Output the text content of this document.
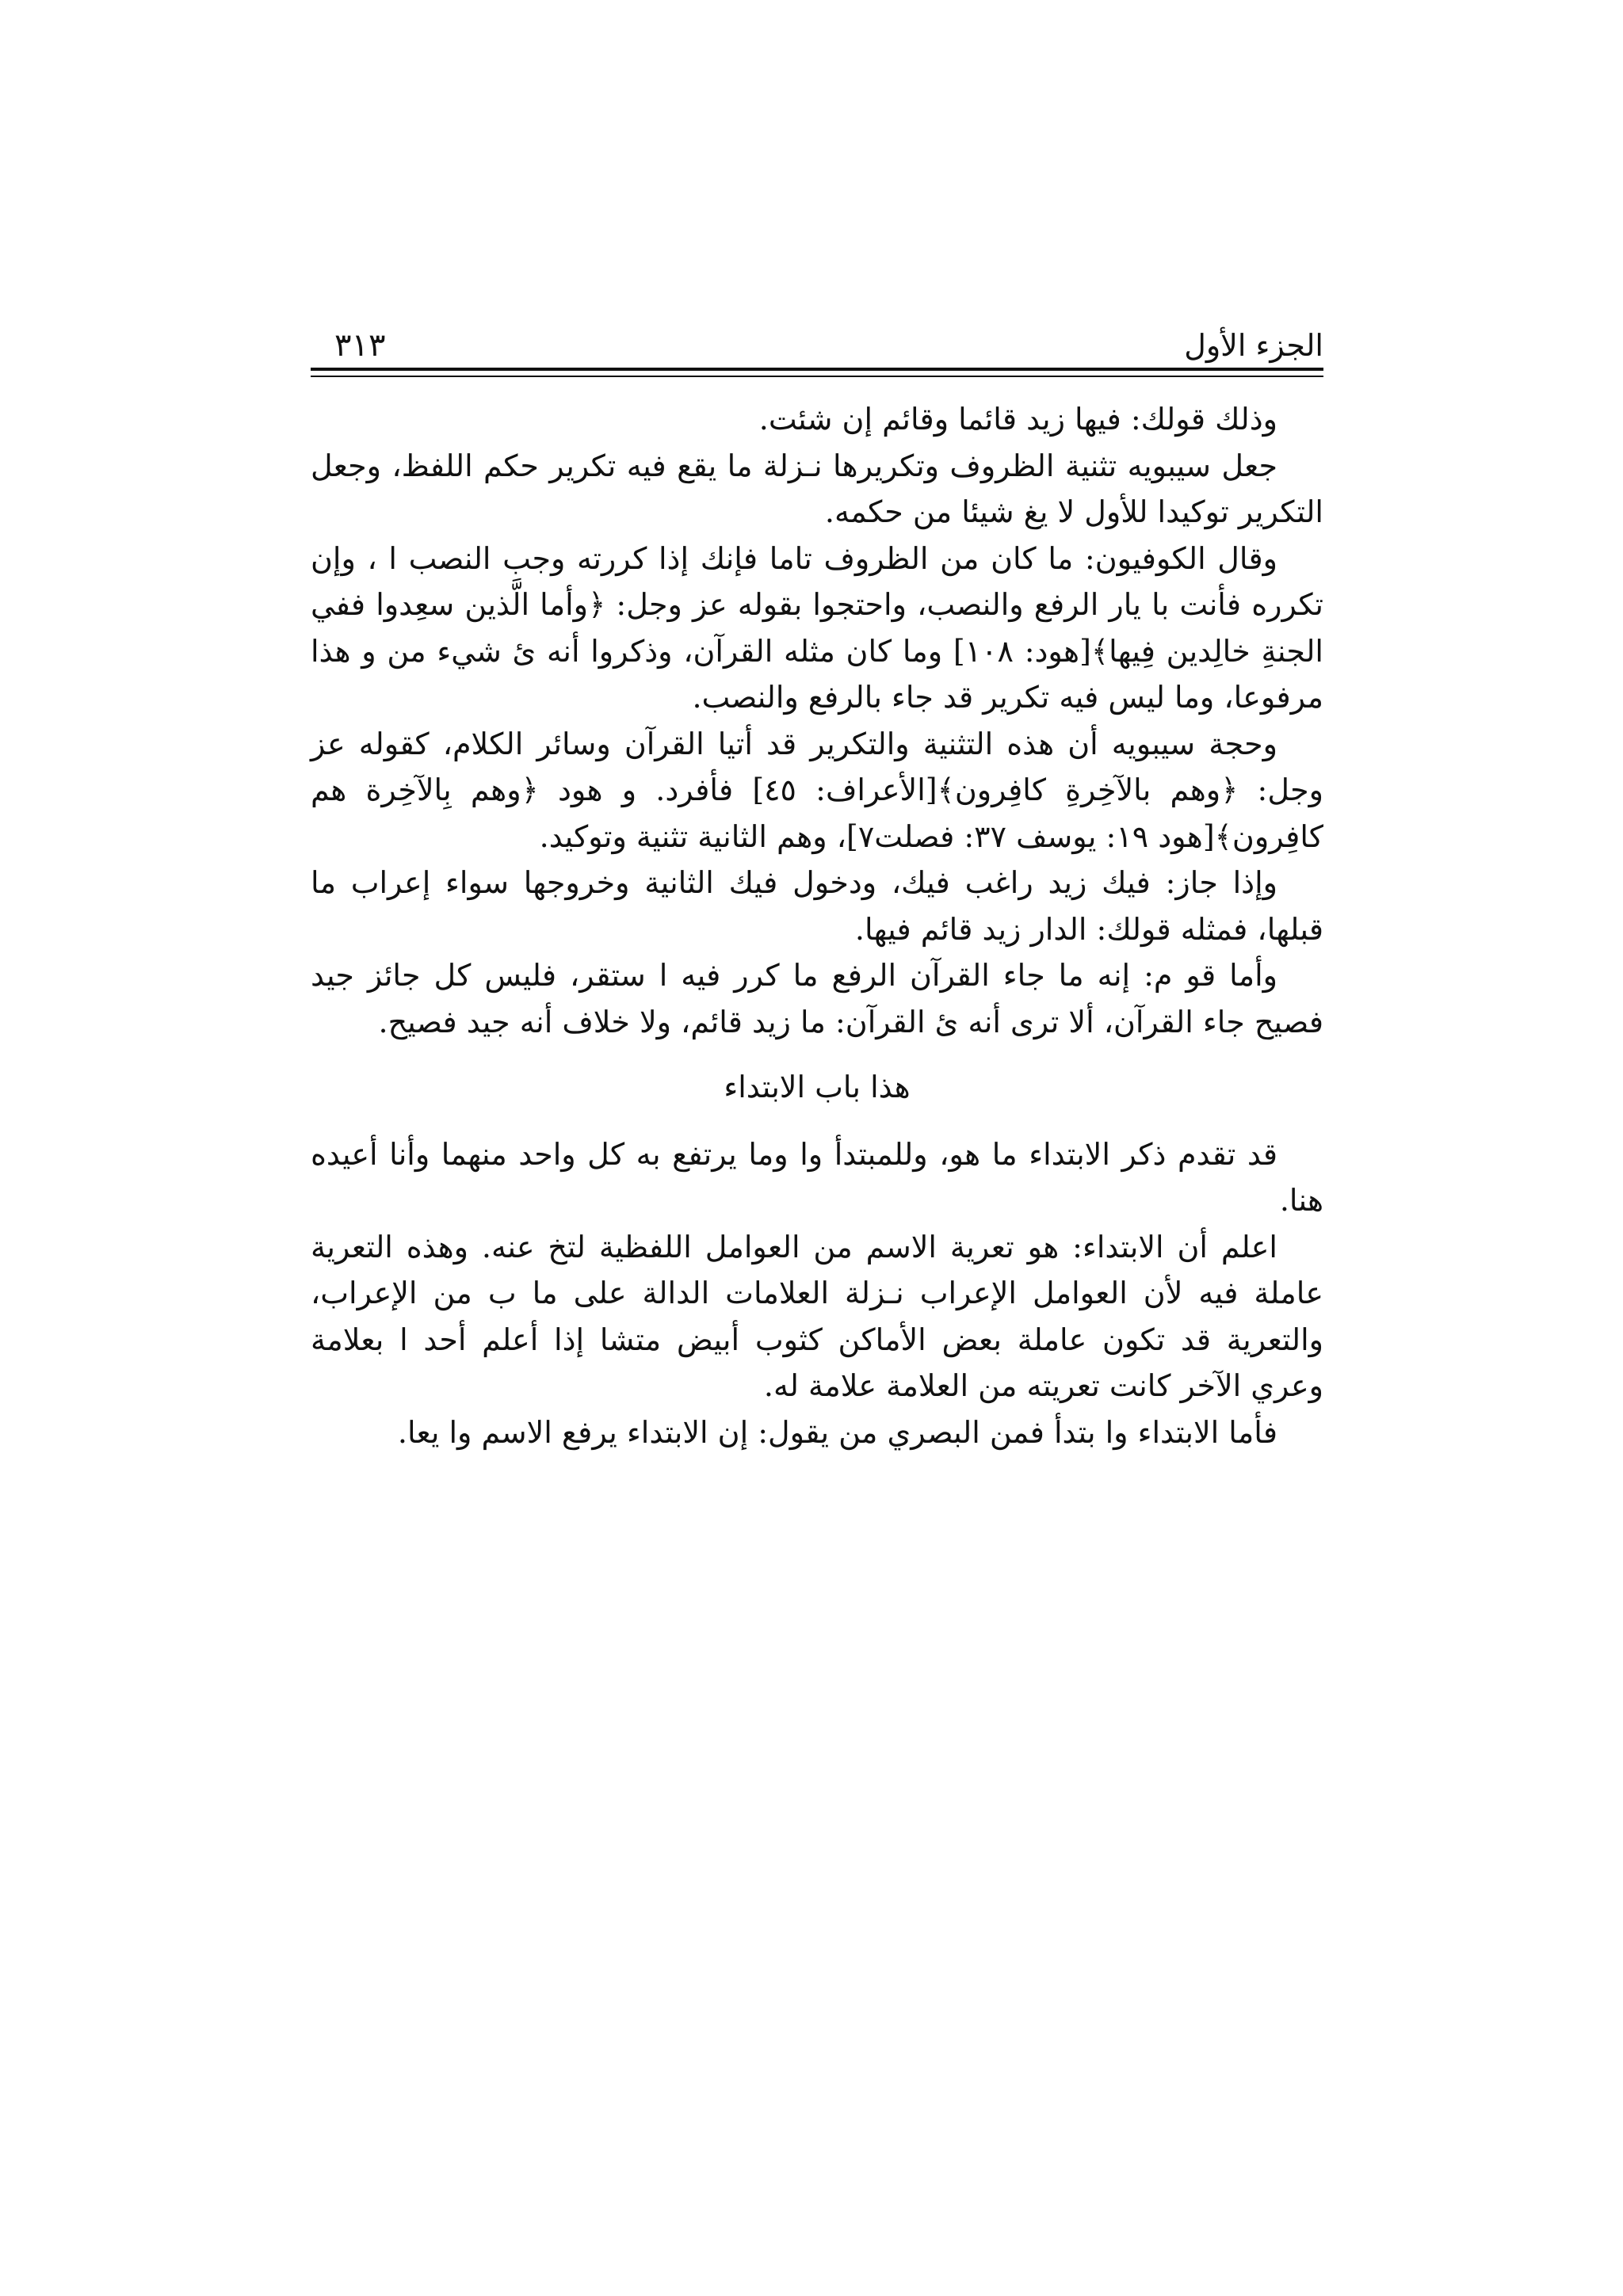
الجزء الأول
٣١٣

وذلك قولك: فيها زيد قائما وقائم إن شئت.

جعل سيبويه تثنية الظروف وتكريرها نـزلة ما يقع فيه تكرير حكم اللفظ، وجعل التكرير توكيدا للأول لا يغ شيئا من حكمه.

وقال الكوفيون: ما كان من الظروف تاما فإنك إذا كررته وجب النصب ا ، وإن تكرره فأنت با يار الرفع والنصب، واحتجوا بقوله عز وجل: ﴿وأما الَّذين سعِدوا ففي الجنةِ خالِدين فِيها﴾[هود: ١٠٨] وما كان مثله القرآن، وذكروا أنه ئ شيء من و هذا مرفوعا، وما ليس فيه تكرير قد جاء بالرفع والنصب.

وحجة سيبويه أن هذه التثنية والتكرير قد أتيا القرآن وسائر الكلام، كقوله عز وجل: ﴿وهم بالآخِرةِ كافِرون﴾[الأعراف: ٤٥] فأفرد. و هود ﴿وهم بِالآخِرة هم كافِرون﴾[هود ١٩: يوسف ٣٧: فصلت٧]، وهم الثانية تثنية وتوكيد.

وإذا جاز: فيك زيد راغب فيك، ودخول فيك الثانية وخروجها سواء إعراب ما قبلها، فمثله قولك: الدار زيد قائم فيها.

وأما قو م: إنه ما جاء القرآن الرفع ما كرر فيه ا ستقر، فليس كل جائز جيد فصيح جاء القرآن، ألا ترى أنه ئ القرآن: ما زيد قائم، ولا خلاف أنه جيد فصيح.

هذا باب الابتداء

قد تقدم ذكر الابتداء ما هو، وللمبتدأ وا وما يرتفع به كل واحد منهما وأنا أعيده هنا.

اعلم أن الابتداء: هو تعرية الاسم من العوامل اللفظية لتخ عنه. وهذه التعرية عاملة فيه لأن العوامل الإعراب نـزلة العلامات الدالة على ما ب من الإعراب، والتعرية قد تكون عاملة بعض الأماكن كثوب أبيض متشا إذا أعلم أحد ا بعلامة وعري الآخر كانت تعريته من العلامة علامة له.

فأما الابتداء وا بتدأ فمن البصري من يقول: إن الابتداء يرفع الاسم وا يعا.
